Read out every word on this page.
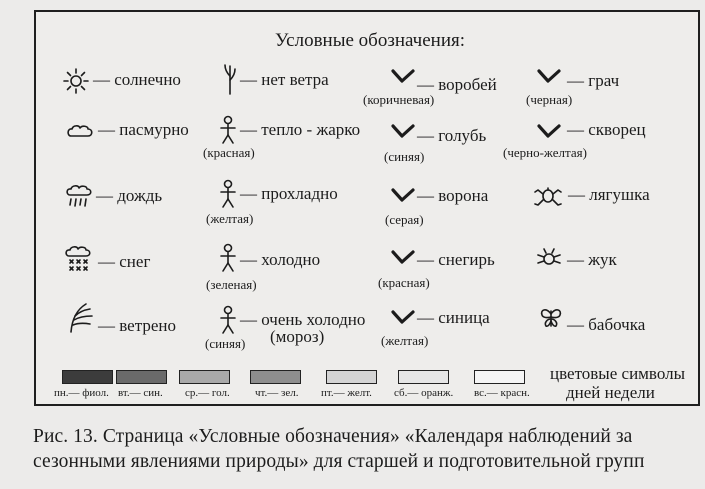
Условные обозначения:
— солнечно
— пасмурно
— дождь
— снег
— ветрено
— нет ветра
— тепло - жарко
(красная)
— прохладно
(желтая)
— холодно
(зеленая)
— очень холодно
(мороз)
(синяя)
— воробей
(коричневая)
— голубь
(синяя)
— ворона
(серая)
— снегирь
(красная)
— синица
(желтая)
— грач
(черная)
— скворец
(черно-желтая)
— лягушка
— жук
— бабочка
пн.— фиол. вт.— син. ср.— гол. чт.— зел. пт.— желт. сб.— оранж. вс.— красн.
цветовые символы
дней недели
Рис. 13. Страница «Условные обозначения» «Календаря наблюдений за
сезонными явлениями природы» для старшей и подготовительной групп
